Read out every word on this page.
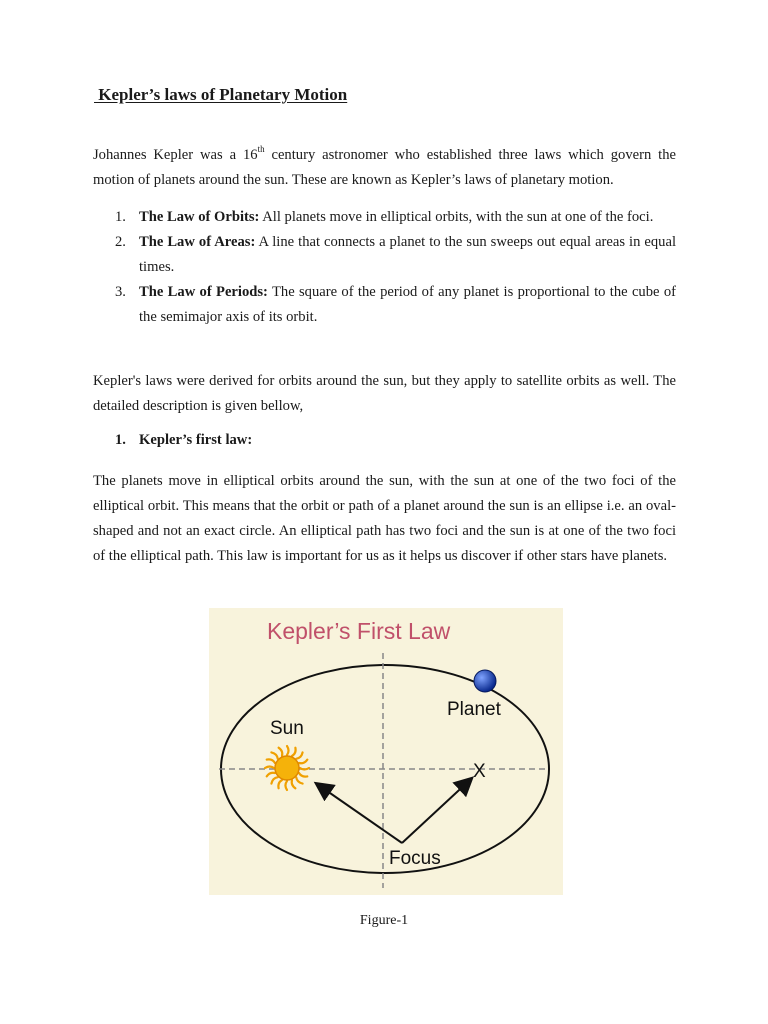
Kepler’s laws of Planetary Motion

Johannes Kepler was a 16th century astronomer who established three laws which govern the motion of planets around the sun. These are known as Kepler’s laws of planetary motion.

1. The Law of Orbits: All planets move in elliptical orbits, with the sun at one of the foci.
2. The Law of Areas: A line that connects a planet to the sun sweeps out equal areas in equal times.
3. The Law of Periods: The square of the period of any planet is proportional to the cube of the semimajor axis of its orbit.

Kepler's laws were derived for orbits around the sun, but they apply to satellite orbits as well. The detailed description is given bellow,

1. Kepler’s first law:

The planets move in elliptical orbits around the sun, with the sun at one of the two foci of the elliptical orbit. This means that the orbit or path of a planet around the sun is an ellipse i.e. an oval-shaped and not an exact circle. An elliptical path has two foci and the sun is at one of the two foci of the elliptical path. This law is important for us as it helps us discover if other stars have planets.

Kepler’s First Law
Sun
Planet
X
Focus
Figure-1
